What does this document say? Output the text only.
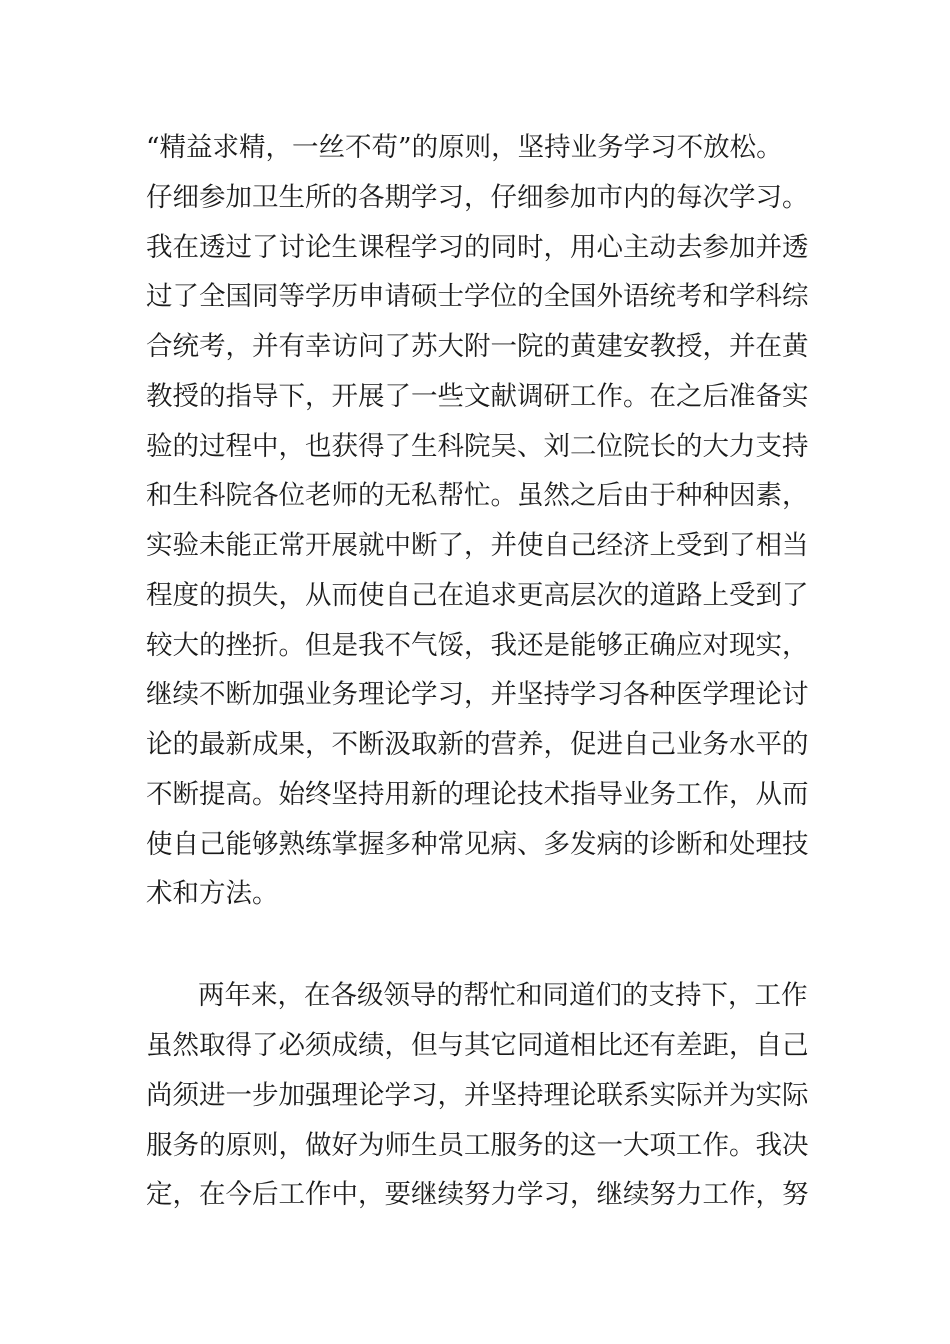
“精益求精，一丝不苟”的原则，坚持业务学习不放松。
仔细参加卫生所的各期学习，仔细参加市内的每次学习。
我在透过了讨论生课程学习的同时，用心主动去参加并透
过了全国同等学历申请硕士学位的全国外语统考和学科综
合统考，并有幸访问了苏大附一院的黄建安教授，并在黄
教授的指导下，开展了一些文献调研工作。在之后准备实
验的过程中，也获得了生科院吴、刘二位院长的大力支持
和生科院各位老师的无私帮忙。虽然之后由于种种因素，
实验未能正常开展就中断了，并使自己经济上受到了相当
程度的损失，从而使自己在追求更高层次的道路上受到了
较大的挫折。但是我不气馁，我还是能够正确应对现实，
继续不断加强业务理论学习，并坚持学习各种医学理论讨
论的最新成果，不断汲取新的营养，促进自己业务水平的
不断提高。始终坚持用新的理论技术指导业务工作，从而
使自己能够熟练掌握多种常见病、多发病的诊断和处理技
术和方法。
两年来，在各级领导的帮忙和同道们的支持下，工作
虽然取得了必须成绩，但与其它同道相比还有差距，自己
尚须进一步加强理论学习，并坚持理论联系实际并为实际
服务的原则，做好为师生员工服务的这一大项工作。我决
定，在今后工作中，要继续努力学习，继续努力工作，努
